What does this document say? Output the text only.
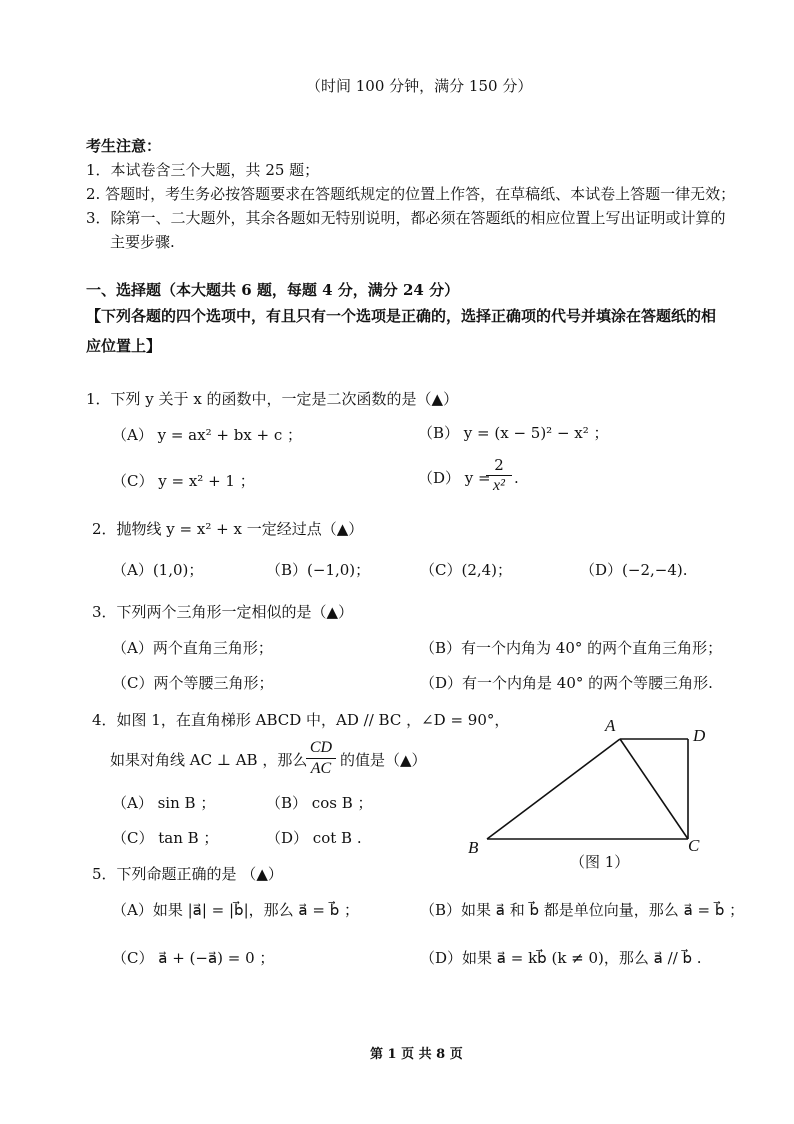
（时间 100 分钟，满分 150 分）
考生注意：
1．本试卷含三个大题，共 25 题；
2. 答题时，考生务必按答题要求在答题纸规定的位置上作答，在草稿纸、本试卷上答题一律无效；
3．除第一、二大题外，其余各题如无特别说明，都必须在答题纸的相应位置上写出证明或计算的
主要步骤.
一、选择题（本大题共 6 题，每题 4 分，满分 24 分）
【下列各题的四个选项中，有且只有一个选项是正确的，选择正确项的代号并填涂在答题纸的相
应位置上】
1．下列 y 关于 x 的函数中，一定是二次函数的是（▲）
（A） y = ax² + bx + c ；	（B） y = (x − 5)² − x² ；
（C） y = x² + 1 ；	（D） y =
$\frac{2}{\text{x²}}$ .
2．抛物线 y = x² + x 一定经过点（▲）
（A）(1,0)；	（B）(−1,0)；	（C）(2,4)；	（D）(−2,−4).
3．下列两个三角形一定相似的是（▲）
（A）两个直角三角形；	（B）有一个内角为 40° 的两个直角三角形；
（C）两个等腰三角形；	（D）有一个内角是 40° 的两个等腰三角形.
4．如图 1，在直角梯形 ABCD 中，AD // BC ，∠D = 90°，
如果对角线 AC ⊥ AB ，那么
$\frac{CD}{AC}$ 的值是（▲）
（A） sin B ；	（B） cos B ；
（C） tan B ；	（D） cot B .
A
D
B	C
（图 1）
5．下列命题正确的是 （▲）
（A）如果 |a⃗| = |b⃗|，那么 a⃗ = b⃗ ；	（B）如果 a⃗ 和 b⃗ 都是单位向量，那么 a⃗ = b⃗ ；
（C） a⃗ + (−a⃗) = 0 ；	（D）如果 a⃗ = kb⃗ (k ≠ 0)，那么 a⃗ // b⃗ .
第 1 页 共 8 页
